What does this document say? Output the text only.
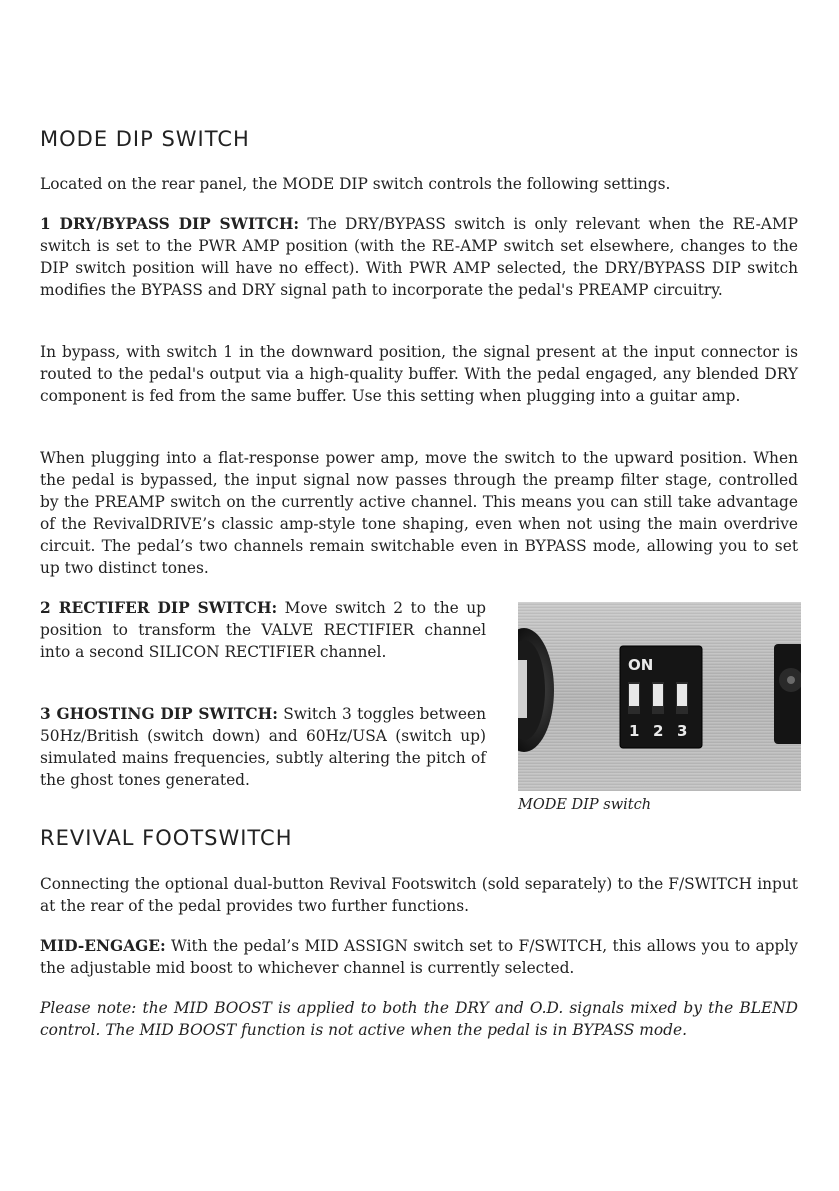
MODE DIP SWITCH

Located on the rear panel, the MODE DIP switch controls the following settings.

1 DRY/BYPASS DIP SWITCH: The DRY/BYPASS switch is only relevant when the RE-AMP switch is set to the PWR AMP position (with the RE-AMP switch set elsewhere, changes to the DIP switch position will have no effect). With PWR AMP selected, the DRY/BYPASS DIP switch modifies the BYPASS and DRY signal path to incorporate the pedal's PREAMP circuitry.

In bypass, with switch 1 in the downward position, the signal present at the input connector is routed to the pedal's output via a high-quality buffer. With the pedal engaged, any blended DRY component is fed from the same buffer. Use this setting when plugging into a guitar amp.

When plugging into a flat-response power amp, move the switch to the upward position. When the pedal is bypassed, the input signal now passes through the preamp filter stage, controlled by the PREAMP switch on the currently active channel. This means you can still take advantage of the RevivalDRIVE’s classic amp-style tone shaping, even when not using the main overdrive circuit. The pedal’s two channels remain switchable even in BYPASS mode, allowing you to set up two distinct tones.

2 RECTIFER DIP SWITCH: Move switch 2 to the up position to transform the VALVE RECTIFIER channel into a second SILICON RECTIFIER channel.

3 GHOSTING DIP SWITCH: Switch 3 toggles between 50Hz/British (switch down) and 60Hz/USA (switch up) simulated mains frequencies, subtly altering the pitch of the ghost tones generated.

ON
1 2 3
MODE DIP switch
REVIVAL FOOTSWITCH

Connecting the optional dual-button Revival Footswitch (sold separately) to the F/SWITCH input at the rear of the pedal provides two further functions.

MID-ENGAGE: With the pedal’s MID ASSIGN switch set to F/SWITCH, this allows you to apply the adjustable mid boost to whichever channel is currently selected.

Please note: the MID BOOST is applied to both the DRY and O.D. signals mixed by the BLEND control. The MID BOOST function is not active when the pedal is in BYPASS mode.
